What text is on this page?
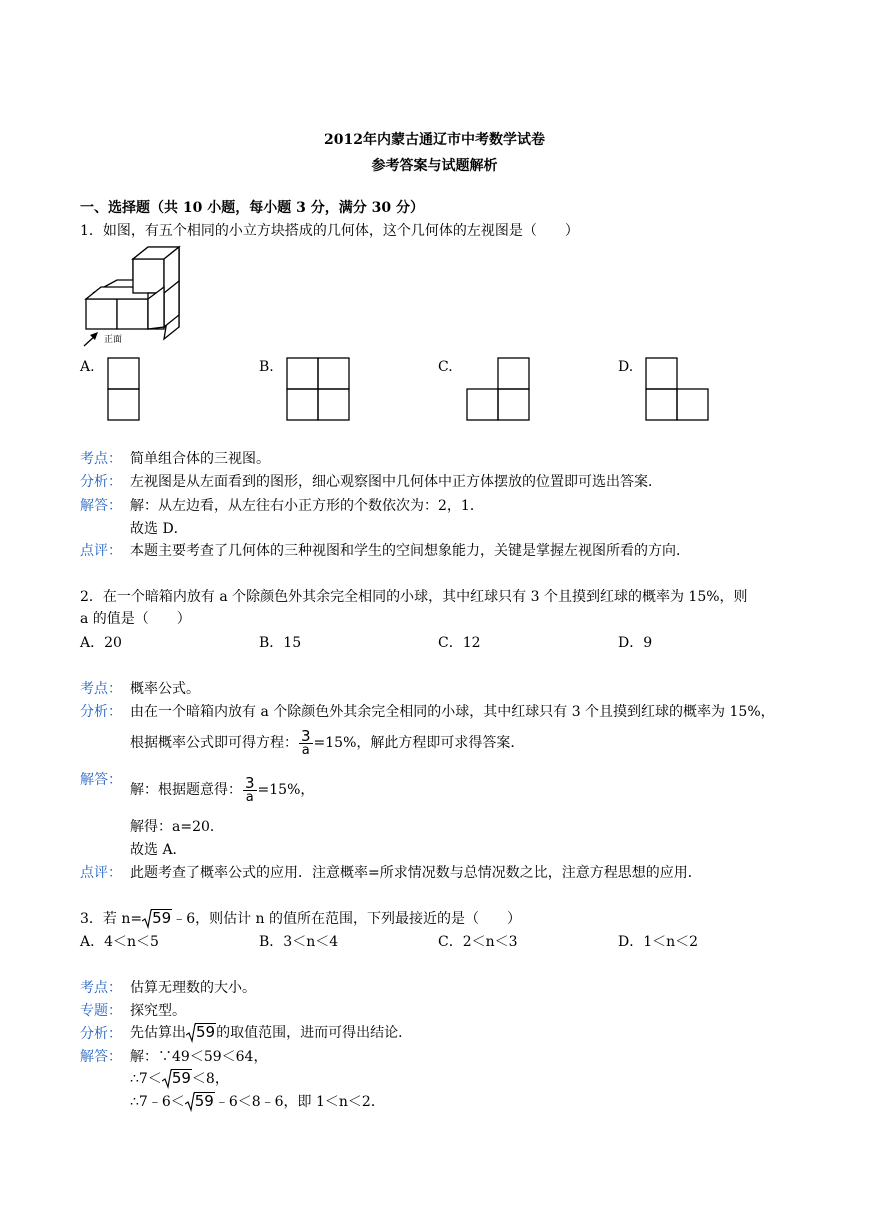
2012年内蒙古通辽市中考数学试卷
参考答案与试题解析
一、选择题（共 10 小题，每小题 3 分，满分 30 分）
1．如图，有五个相同的小立方块搭成的几何体，这个几何体的左视图是（　　）
正面
A.	B.	C.	D.
考点： 简单组合体的三视图。
分析： 左视图是从左面看到的图形，细心观察图中几何体中正方体摆放的位置即可选出答案．
解答： 解：从左边看，从左往右小正方形的个数依次为：2，1．
故选 D．
点评： 本题主要考查了几何体的三种视图和学生的空间想象能力，关键是掌握左视图所看的方向．
2．在一个暗箱内放有 a 个除颜色外其余完全相同的小球，其中红球只有 3 个且摸到红球的概率为 15%，则
a 的值是（　　）
A．20	B．15	C．12	D．9
考点： 概率公式。
分析： 由在一个暗箱内放有 a 个除颜色外其余完全相同的小球，其中红球只有 3 个且摸到红球的概率为 15%，
根据概率公式即可得方程： $\frac{3}{a} =15\%$，解此方程即可求得答案．
解答：
解：根据题意得： $\frac{3}{a} =15\%$，
解得：a=20．
故选 A．
点评： 此题考查了概率公式的应用．注意概率=所求情况数与总情况数之比，注意方程思想的应用．
3．若 n= 59﹣6，则估计 n 的值所在范围，下列最接近的是（　　）
A．4＜n＜5	B．3＜n＜4	C．2＜n＜3	D．1＜n＜2
考点： 估算无理数的大小。
专题： 探究型。
分析： 先估算出 59的取值范围，进而可得出结论．
解答： 解：∵49＜59＜64，
∴7＜ 59＜8，
∴7﹣6＜ 59﹣6＜8﹣6，即 1＜n＜2．
